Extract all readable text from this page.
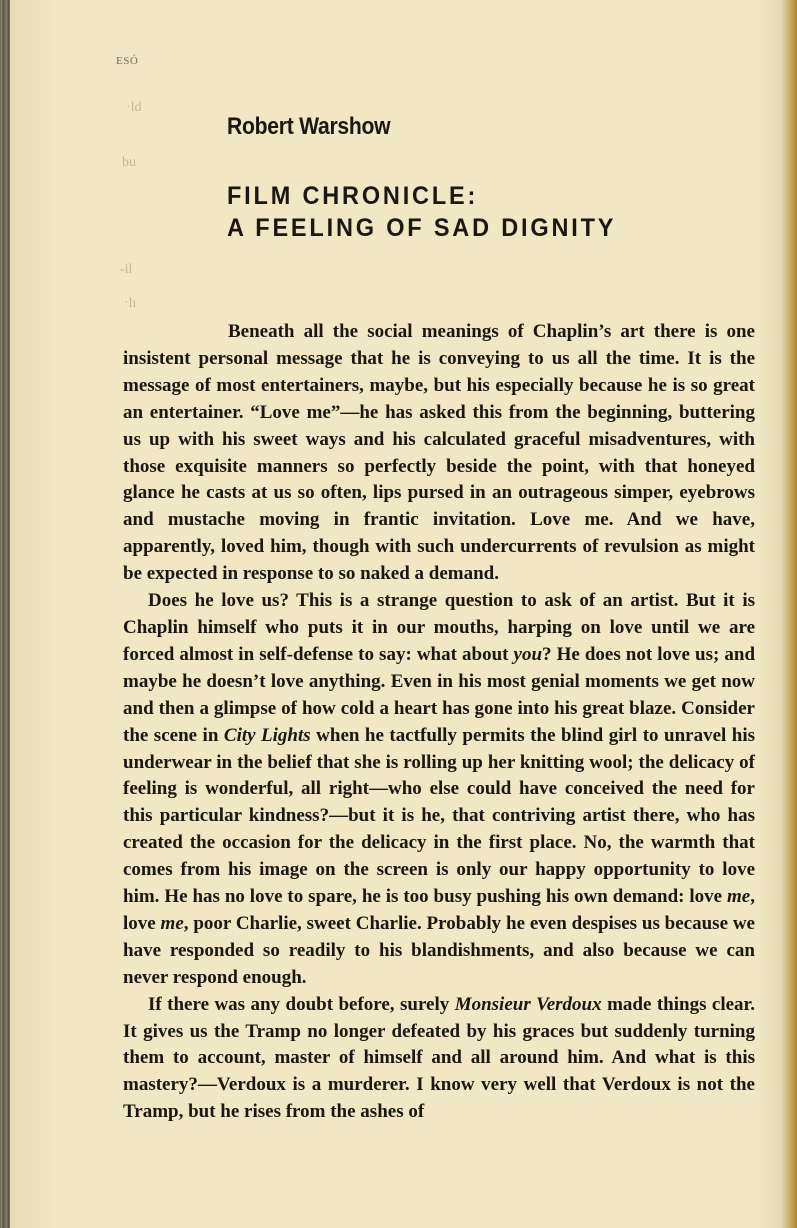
·ld
bu
-il
·lı
ESÓ
Robert Warshow
FILM CHRONICLE:
A FEELING OF SAD DIGNITY

Beneath all the social meanings of Chaplin’s art there is one insistent personal message that he is conveying to us all the time. It is the message of most entertainers, maybe, but his especially because he is so great an entertainer. “Love me”—he has asked this from the beginning, buttering us up with his sweet ways and his calculated graceful misadventures, with those exquisite manners so perfectly beside the point, with that honeyed glance he casts at us so often, lips pursed in an outrageous simper, eyebrows and mustache moving in frantic invitation. Love me. And we have, apparently, loved him, though with such undercurrents of revulsion as might be expected in response to so naked a demand.

Does he love us? This is a strange question to ask of an artist. But it is Chaplin himself who puts it in our mouths, harping on love until we are forced almost in self-defense to say: what about you? He does not love us; and maybe he doesn’t love anything. Even in his most genial moments we get now and then a glimpse of how cold a heart has gone into his great blaze. Consider the scene in City Lights when he tactfully permits the blind girl to unravel his underwear in the belief that she is rolling up her knitting wool; the delicacy of feeling is wonderful, all right—who else could have conceived the need for this particular kindness?—but it is he, that contriving artist there, who has created the occasion for the delicacy in the first place. No, the warmth that comes from his image on the screen is only our happy opportunity to love him. He has no love to spare, he is too busy pushing his own demand: love me, love me, poor Charlie, sweet Charlie. Probably he even despises us because we have responded so readily to his blandishments, and also because we can never respond enough.

If there was any doubt before, surely Monsieur Verdoux made things clear. It gives us the Tramp no longer defeated by his graces but suddenly turning them to account, master of himself and all around him. And what is this mastery?—Verdoux is a murderer. I know very well that Verdoux is not the Tramp, but he rises from the ashes of
